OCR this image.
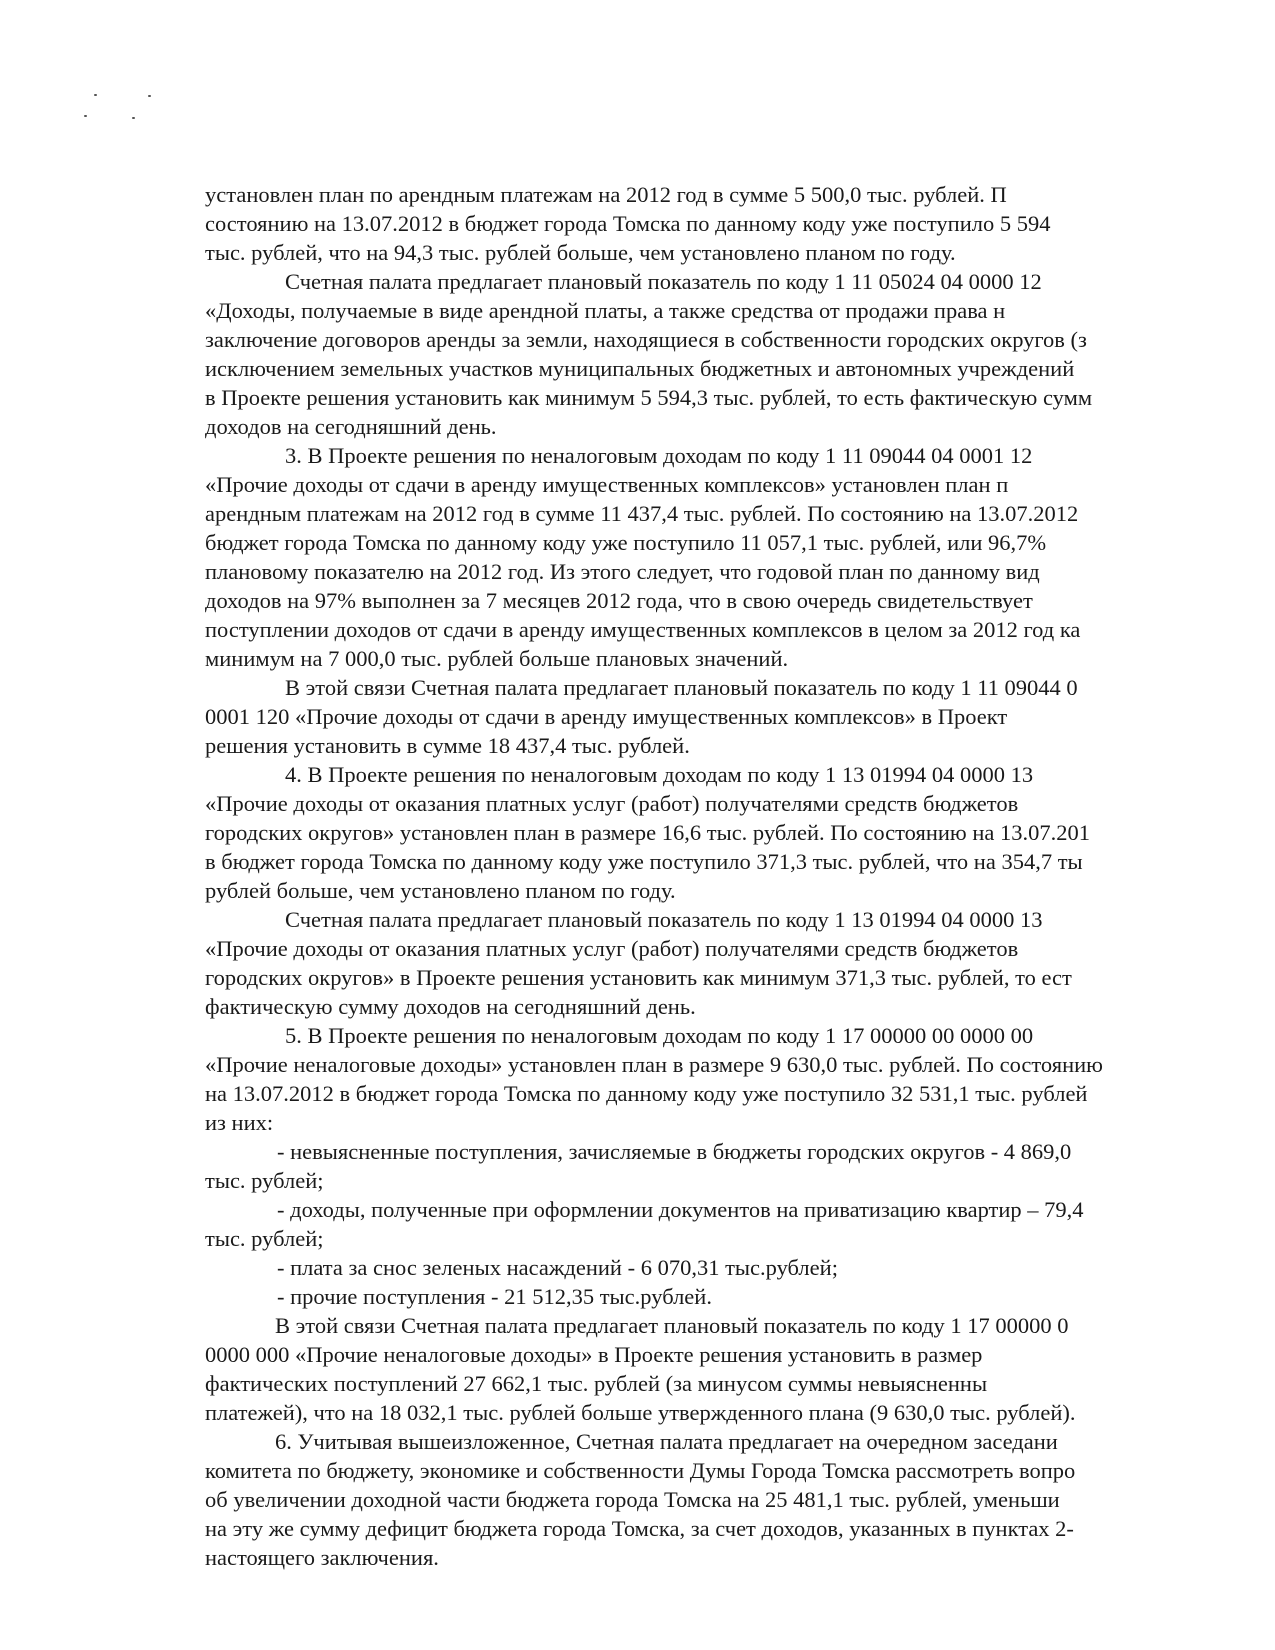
установлен план по арендным платежам на 2012 год в сумме 5 500,0 тыс. рублей. П
состоянию на 13.07.2012 в бюджет города Томска по данному коду уже поступило 5 594
тыс. рублей, что на 94,3 тыс. рублей больше, чем установлено планом по году.
Счетная палата предлагает плановый показатель по коду 1 11 05024 04 0000 12
«Доходы, получаемые в виде арендной платы, а также средства от продажи права н
заключение договоров аренды за земли, находящиеся в собственности городских округов (з
исключением земельных участков муниципальных бюджетных и автономных учреждений
в Проекте решения установить как минимум 5 594,3 тыс. рублей, то есть фактическую сумм
доходов на сегодняшний день.
3. В Проекте решения по неналоговым доходам по коду 1 11 09044 04 0001 12
«Прочие доходы от сдачи в аренду имущественных комплексов» установлен план п
арендным платежам на 2012 год в сумме 11 437,4 тыс. рублей. По состоянию на 13.07.2012
бюджет города Томска по данному коду уже поступило 11 057,1 тыс. рублей, или 96,7%
плановому показателю на 2012 год. Из этого следует, что годовой план по данному вид
доходов на 97% выполнен за 7 месяцев 2012 года, что в свою очередь свидетельствует
поступлении доходов от сдачи в аренду имущественных комплексов в целом за 2012 год ка
минимум на 7 000,0 тыс. рублей больше плановых значений.
В этой связи Счетная палата предлагает плановый показатель по коду 1 11 09044 0
0001 120 «Прочие доходы от сдачи в аренду имущественных комплексов» в Проект
решения установить в сумме 18 437,4 тыс. рублей.
4. В Проекте решения по неналоговым доходам по коду 1 13 01994 04 0000 13
«Прочие доходы от оказания платных услуг (работ) получателями средств бюджетов
городских округов» установлен план в размере 16,6 тыс. рублей. По состоянию на 13.07.201
в бюджет города Томска по данному коду уже поступило 371,3 тыс. рублей, что на 354,7 ты
рублей больше, чем установлено планом по году.
Счетная палата предлагает плановый показатель по коду 1 13 01994 04 0000 13
«Прочие доходы от оказания платных услуг (работ) получателями средств бюджетов
городских округов» в Проекте решения установить как минимум 371,3 тыс. рублей, то ест
фактическую сумму доходов на сегодняшний день.
5. В Проекте решения по неналоговым доходам по коду 1 17 00000 00 0000 00
«Прочие неналоговые доходы» установлен план в размере 9 630,0 тыс. рублей. По состоянию
на 13.07.2012 в бюджет города Томска по данному коду уже поступило 32 531,1 тыс. рублей
из них:
- невыясненные поступления, зачисляемые в бюджеты городских округов - 4 869,0
тыс. рублей;
- доходы, полученные при оформлении документов на приватизацию квартир – 79,4
тыс. рублей;
- плата за снос зеленых насаждений - 6 070,31 тыс.рублей;
- прочие поступления - 21 512,35 тыс.рублей.
В этой связи Счетная палата предлагает плановый показатель по коду 1 17 00000 0
0000 000 «Прочие неналоговые доходы» в Проекте решения установить в размер
фактических поступлений 27 662,1 тыс. рублей (за минусом суммы невыясненны
платежей), что на 18 032,1 тыс. рублей больше утвержденного плана (9 630,0 тыс. рублей).
6. Учитывая вышеизложенное, Счетная палата предлагает на очередном заседани
комитета по бюджету, экономике и собственности Думы Города Томска рассмотреть вопро
об увеличении доходной части бюджета города Томска на 25 481,1 тыс. рублей, уменьши
на эту же сумму дефицит бюджета города Томска, за счет доходов, указанных в пунктах 2-
настоящего заключения.
